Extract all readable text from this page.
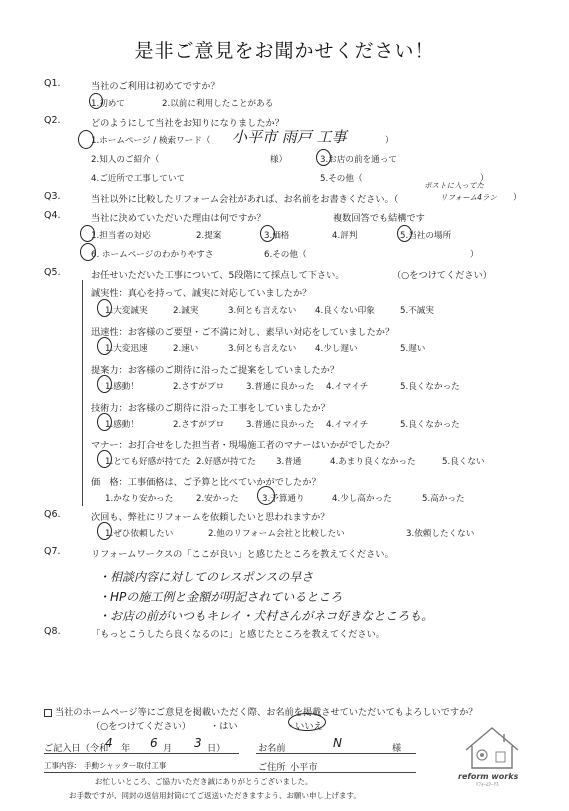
是非ご意見をお聞かせください！
Q1.	当社のご利用は初めてですか？
1.初めて	2.以前に利用したことがある
Q2.	どのようにして当社をお知りになりましたか？
1.ホームページ / 検索ワード（ 小平市 雨戸 工事	）
2.知人のご紹介（	様）	3.お店の前を通って
4.ご近所で工事していて	5.その他（	）
Q3.	当社以外に比較したリフォーム会社があれば、お名前をお書きください。（
ポストに入ってた
リフォーム4ラン ）
Q4.	当社に決めていただいた理由は何ですか？	複数回答でも結構です
1.担当者の対応	2.提案	3.価格	4.評判	5.当社の場所
6. ホームページのわかりやすさ	6.その他（	）
Q5.	お任せいただいた工事について、5段階にて採点して下さい。	（○をつけてください）
誠実性：真心を持って、誠実に対応していましたか？
1.大変誠実	2.誠実	3.何とも言えない 4.良くない印象	5.不誠実
迅速性：お客様のご要望・ご不満に対し、素早い対応をしていましたか？
1.大変迅速	2.速い	3.何とも言えない 4.少し遅い	5.遅い
提案力：お客様のご期待に沿ったご提案をしていましたか？
1.感動！	2.さすがプロ	3.普通に良かった 4.イマイチ	5.良くなかった
技術力：お客様のご期待に沿った工事をしていましたか？
1.感動！	2.さすがプロ	3.普通に良かった 4.イマイチ	5.良くなかった
マナー：お打合せをした担当者・現場施工者のマナーはいかがでしたか？
1.とても好感が持てた 2.好感が持てた 3.普通	4.あまり良くなかった	5.良くない
価　格：工事価格は、ご予算と比べていかがでしたか？
1.かなり安かった	2.安かった	3.予算通り	4.少し高かった	5.高かった
Q6.	次回も、弊社にリフォームを依頼したいと思われますか？
1.ぜひ依頼したい	2.他のリフォーム会社と比較したい	3.依頼したくない
Q7.	リフォームワークスの「ここが良い」と感じたところを教えてください。
・相談内容に対してのレスポンスの早さ
・HPの施工例と金額が明記されているところ
・お店の前がいつもキレイ・犬村さんがネコ好きなところも。
Q8.	「もっとこうしたら良くなるのに」と感じたところを教えてください。
当社のホームページ等にご意見を掲載いただく際、お名前を掲載させていただいてもよろしいですか？
（○をつけてください） ・はい	・いいえ
ご記入日（令和
4 年 6 月 3 日）	お名前	N	様
工事内容: 手動シャッター取付工事	ご住所 小平市
お忙しいところ、ご協力いただき誠にありがとうございました。
お手数ですが、同封の返信用封筒にてご返送いただきますよう、お願い申し上げます。
reform works
ﾘﾌｫｰﾑﾜｰｸｽ
